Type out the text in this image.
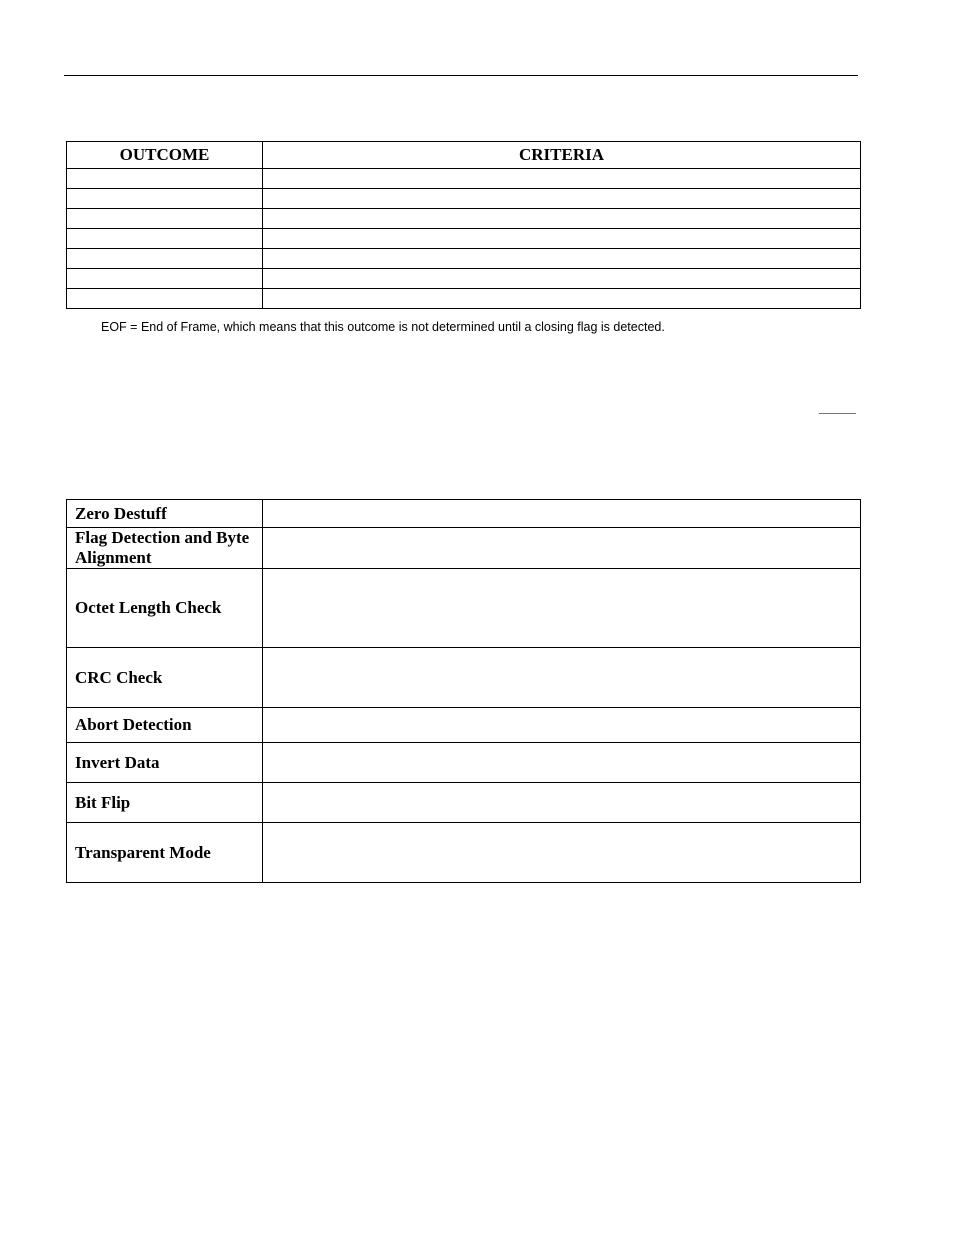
OUTCOME	CRITERIA

EOF = End of Frame, which means that this outcome is not determined until a closing flag is detected.
Zero Destuff	
Flag Detection and Byte Alignment	
Octet Length Check	
CRC Check	
Abort Detection	
Invert Data	
Bit Flip	
Transparent Mode	
